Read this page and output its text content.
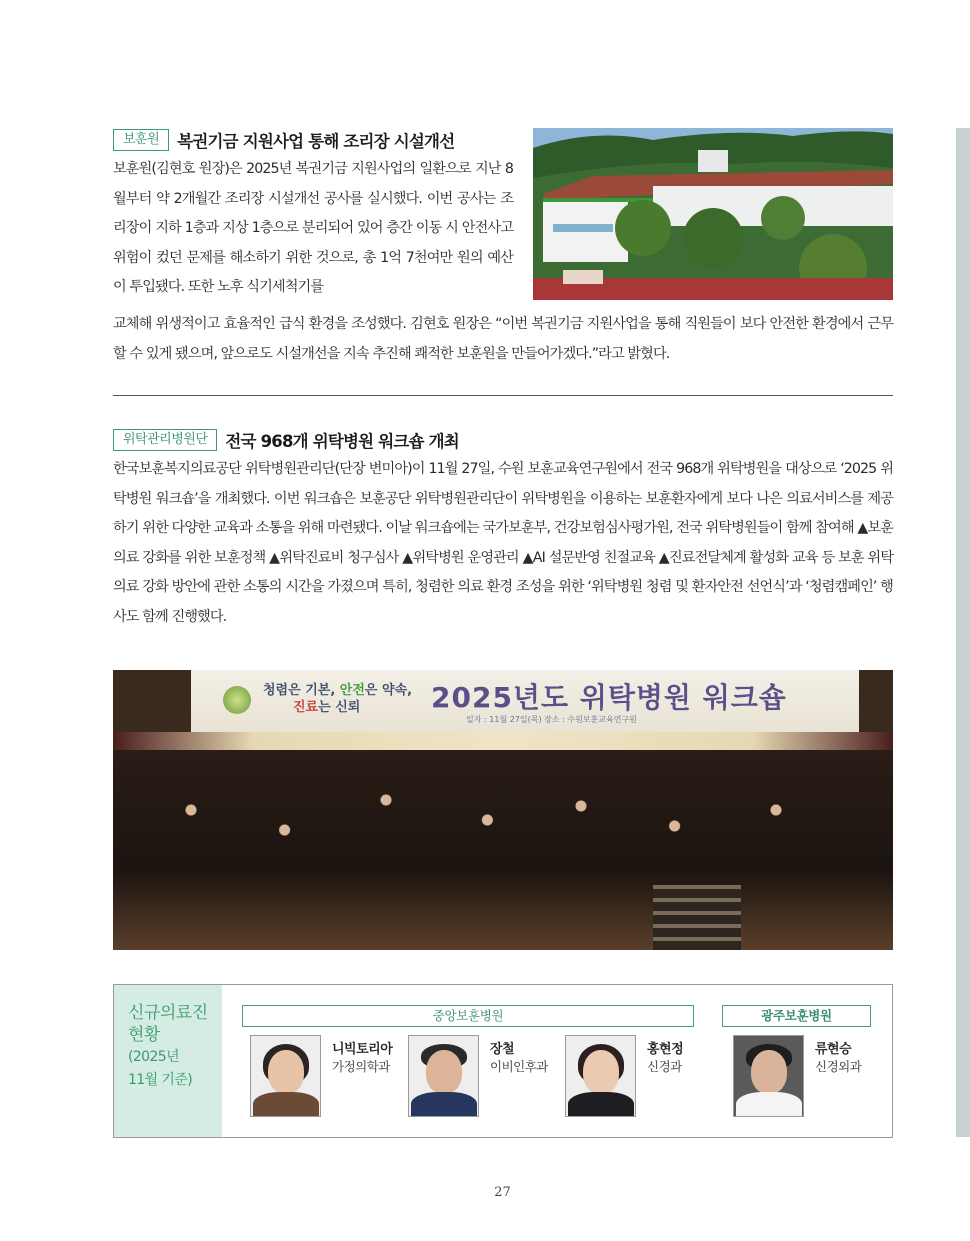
보훈원 복권기금 지원사업 통해 조리장 시설개선

보훈원(김현호 원장)은 2025년 복권기금 지원사업의 일환으로 지난 8월부터 약 2개월간 조리장 시설개선 공사를 실시했다. 이번 공사는 조리장이 지하 1층과 지상 1층으로 분리되어 있어 층간 이동 시 안전사고 위험이 컸던 문제를 해소하기 위한 것으로, 총 1억 7천여만 원의 예산이 투입됐다. 또한 노후 식기세척기를

교체해 위생적이고 효율적인 급식 환경을 조성했다. 김현호 원장은 “이번 복권기금 지원사업을 통해 직원들이 보다 안전한 환경에서 근무할 수 있게 됐으며, 앞으로도 시설개선을 지속 추진해 쾌적한 보훈원을 만들어가겠다.”라고 밝혔다.

위탁관리병원단 전국 968개 위탁병원 워크숍 개최

한국보훈복지의료공단 위탁병원관리단(단장 변미아)이 11월 27일, 수원 보훈교육연구원에서 전국 968개 위탁병원을 대상으로 ‘2025 위탁병원 워크숍’을 개최했다. 이번 워크숍은 보훈공단 위탁병원관리단이 위탁병원을 이용하는 보훈환자에게 보다 나은 의료서비스를 제공하기 위한 다양한 교육과 소통을 위해 마련됐다. 이날 워크숍에는 국가보훈부, 건강보험심사평가원, 전국 위탁병원들이 함께 참여해 ▲보훈의료 강화를 위한 보훈정책 ▲위탁진료비 청구심사 ▲위탁병원 운영관리 ▲AI 설문반영 친절교육 ▲진료전달체계 활성화 교육 등 보훈 위탁의료 강화 방안에 관한 소통의 시간을 가졌으며 특히, 청렴한 의료 환경 조성을 위한 ‘위탁병원 청렴 및 환자안전 선언식’과 ‘청렴캠페인’ 행사도 함께 진행했다.

청렴은 기본, 안전은 약속,
진료는 신뢰	2025년도 위탁병원 워크숍
일자 : 11월 27일(목) 장소 : 수원보훈교육연구원
신규의료진
현황
(2025년
11월 기준)
중앙보훈병원	광주보훈병원
니빅토리아
가정의학과
장철
이비인후과
홍현정
신경과
류현승
신경외과
27
